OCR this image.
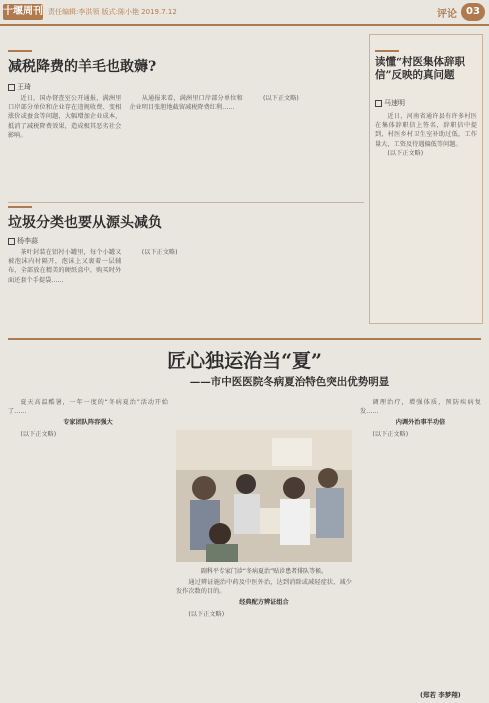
十堰周刊 责任编辑:李洪领 版式:陈小艳 2019.7.12	评论 03
减税降费的羊毛也敢薅?
王琦

近日，国办督查室公开通报，满洲里口岸部分单位和企业存在违规收费、变相涨价或蚕食等问题，大幅增加企业成本，抵消了减税降费效果，造成极其恶劣社会影响。

从通报来看，满洲里口岸部分单位和企业明目张胆地截留减税降费红利……

(以下正文略)

垃圾分类也要从源头减负
杨李蒜

茶叶封装在铝衬小罐里，每个小罐又被泡沫内衬隔开，泡沫上又裹着一层辅布，全部放在精美的硬纸盒中，购买时外面还套个手提袋……

(以下正文略)

读懂“村医集体辞职信”反映的真问题
马速明

近日，河南省通许县有许多村医在集体辞职信上签名，辞职信中提到，村医乡村卫生室补助过低，工作量大，工资及待遇偏低等问题。

(以下正文略)

匠心独运治当“夏”
——市中医医院冬病夏治特色突出优势明显

夏天高温酷暑，一年一度的“冬病夏治”活动开始了……

专家团队阵容强大

(以下正文略)

副科平专家门诊“冬病夏治”贴诊患者排队等候。

通过辨证施治中药及中医外治，达到消除或减轻症状、减少发作次数的目的。

经典配方辨证组合

(以下正文略)

调理治疗，增强体质，预防疾病复发……

内调外治事半功倍

(以下正文略)

(郑若 李梦翔)
